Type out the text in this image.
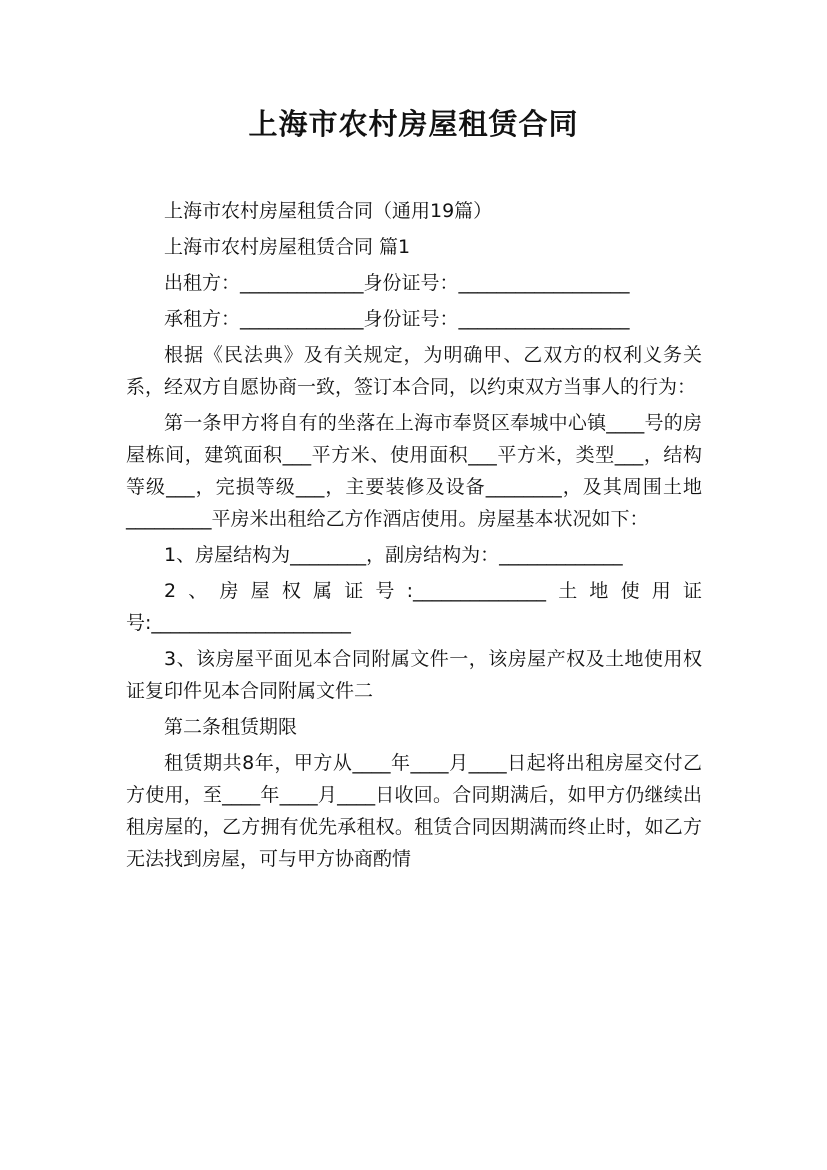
上海市农村房屋租赁合同

上海市农村房屋租赁合同（通用19篇）

上海市农村房屋租赁合同 篇1

出租方：_____________身份证号：__________________

承租方：_____________身份证号：__________________

根据《民法典》及有关规定，为明确甲、乙双方的权利义务关系，经双方自愿协商一致，签订本合同，以约束双方当事人的行为：

第一条甲方将自有的坐落在上海市奉贤区奉城中心镇____号的房屋栋间，建筑面积___平方米、使用面积___平方米，类型___，结构等级___，完损等级___，主要装修及设备________，及其周围土地_________平房米出租给乙方作酒店使用。房屋基本状况如下：

1、房屋结构为________，副房结构为：_____________

2、房屋权属证号:______________土地使用证号:_____________________

3、该房屋平面见本合同附属文件一，该房屋产权及土地使用权证复印件见本合同附属文件二

第二条租赁期限

租赁期共8年，甲方从____年____月____日起将出租房屋交付乙方使用，至____年____月____日收回。合同期满后，如甲方仍继续出租房屋的，乙方拥有优先承租权。租赁合同因期满而终止时，如乙方无法找到房屋，可与甲方协商酌情
